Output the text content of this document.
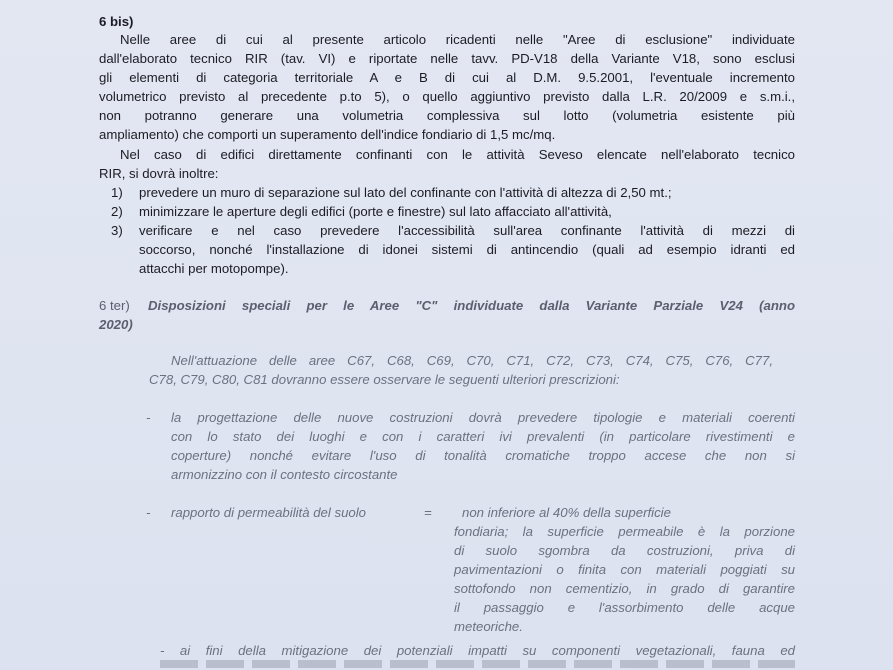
6 bis)
Nelle aree di cui al presente articolo ricadenti nelle "Aree di esclusione" individuate
dall'elaborato tecnico RIR (tav. VI) e riportate nelle tavv. PD-V18 della Variante V18, sono esclusi
gli elementi di categoria territoriale A e B di cui al D.M. 9.5.2001, l'eventuale incremento
volumetrico previsto al precedente p.to 5), o quello aggiuntivo previsto dalla L.R. 20/2009 e s.m.i.,
non potranno generare una volumetria complessiva sul lotto (volumetria esistente più
ampliamento) che comporti un superamento dell'indice fondiario di 1,5 mc/mq.
Nel caso di edifici direttamente confinanti con le attività Seveso elencate nell'elaborato tecnico
RIR, si dovrà inoltre:
1) prevedere un muro di separazione sul lato del confinante con l'attività di altezza di 2,50 mt.;
2) minimizzare le aperture degli edifici (porte e finestre) sul lato affacciato all'attività,
3) verificare e nel caso prevedere l'accessibilità sull'area confinante l'attività di mezzi di
soccorso, nonché l'installazione di idonei sistemi di antincendio (quali ad esempio idranti ed
attacchi per motopompe).
6 ter) Disposizioni speciali per le Aree "C" individuate dalla Variante Parziale V24 (anno
2020)
Nell'attuazione delle aree C67, C68, C69, C70, C71, C72, C73, C74, C75, C76, C77,
C78, C79, C80, C81 dovranno essere osservare le seguenti ulteriori prescrizioni:
- la progettazione delle nuove costruzioni dovrà prevedere tipologie e materiali coerenti
con lo stato dei luoghi e con i caratteri ivi prevalenti (in particolare rivestimenti e
coperture) nonché evitare l'uso di tonalità cromatiche troppo accese che non si
armonizzino con il contesto circostante
- rapporto di permeabilità del suolo	= non inferiore al 40% della superficie
fondiaria; la superficie permeabile è la porzione
di suolo sgombra da costruzioni, priva di
pavimentazioni o finita con materiali poggiati su
sottofondo non cementizio, in grado di garantire
il passaggio e l'assorbimento delle acque
meteoriche.
- ai fini della mitigazione dei potenziali impatti su componenti vegetazionali, fauna ed
